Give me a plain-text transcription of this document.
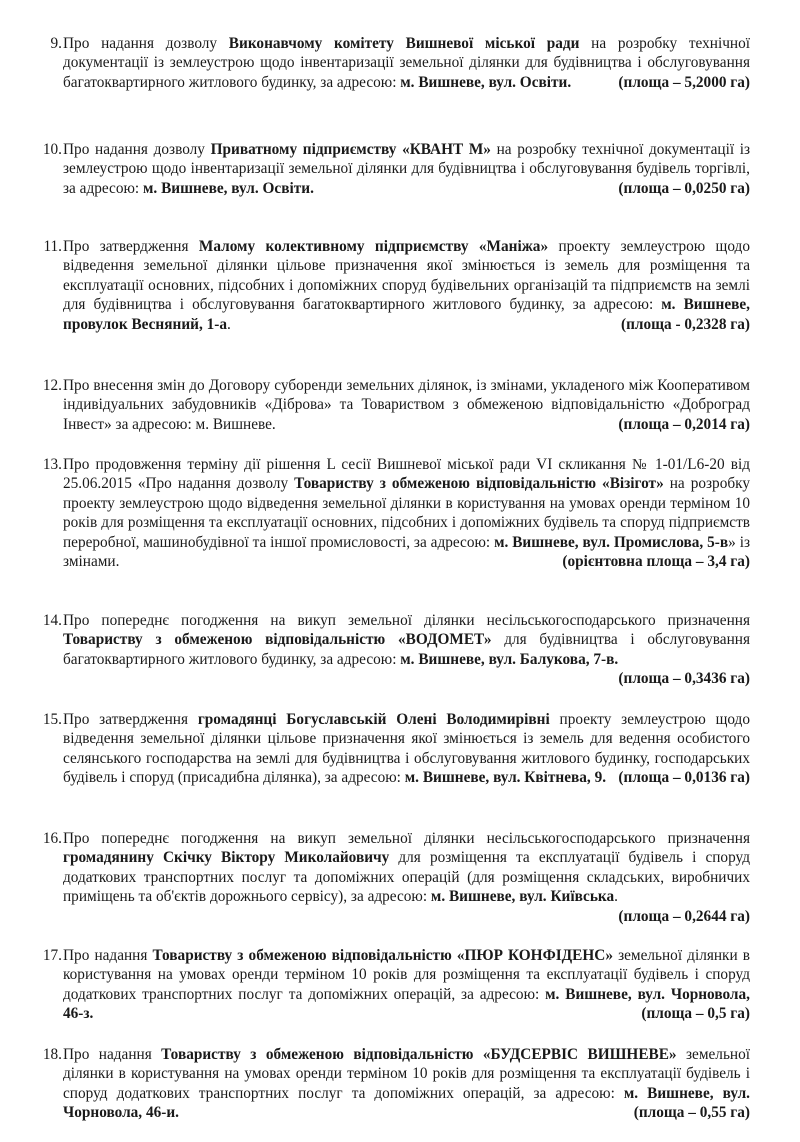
9. Про надання дозволу Виконавчому комітету Вишневої міської ради на розробку технічної документації із землеустрою щодо інвентаризації земельної ділянки для будівництва і обслуговування багатоквартирного житлового будинку, за адресою: м. Вишневе, вул. Освіти.	(площа – 5,2000 га)
10. Про надання дозволу Приватному підприємству «КВАНТ М» на розробку технічної документації із землеустрою щодо інвентаризації земельної ділянки для будівництва і обслуговування будівель торгівлі, за адресою: м. Вишневе, вул. Освіти.	(площа – 0,0250 га)
11. Про затвердження Малому колективному підприємству «Маніжа» проекту землеустрою щодо відведення земельної ділянки цільове призначення якої змінюється із земель для розміщення та експлуатації основних, підсобних і допоміжних споруд будівельних організацій та підприємств на землі для будівництва і обслуговування багатоквартирного житлового будинку, за адресою: м. Вишневе, провулок Весняний, 1-а.	(площа - 0,2328 га)
12. Про внесення змін до Договору суборенди земельних ділянок, із змінами, укладеного між Кооперативом індивідуальних забудовників «Діброва» та Товариством з обмеженою відповідальністю «Доброград Інвест» за адресою: м. Вишневе.	(площа – 0,2014 га)
13. Про продовження терміну дії рішення L сесії Вишневої міської ради VI скликання № 1-01/L6-20 від 25.06.2015 «Про надання дозволу Товариству з обмеженою відповідальністю «Візігот» на розробку проекту землеустрою щодо відведення земельної ділянки в користування на умовах оренди терміном 10 років для розміщення та експлуатації основних, підсобних і допоміжних будівель та споруд підприємств переробної, машинобудівної та іншої промисловості, за адресою: м. Вишневе, вул. Промислова, 5-в» із змінами.	(орієнтовна площа – 3,4 га)
14. Про попереднє погодження на викуп земельної ділянки несільськогосподарського призначення Товариству з обмеженою відповідальністю «ВОДОМЕТ» для будівництва і обслуговування багатоквартирного житлового будинку, за адресою: м. Вишневе, вул. Балукова, 7-в.
(площа – 0,3436 га)
15. Про затвердження громадянці Богуславській Олені Володимирівні проекту землеустрою щодо відведення земельної ділянки цільове призначення якої змінюється із земель для ведення особистого селянського господарства на землі для будівництва і обслуговування житлового будинку, господарських будівель і споруд (присадибна ділянка), за адресою: м. Вишневе, вул. Квітнева, 9. (площа – 0,0136 га)
16. Про попереднє погодження на викуп земельної ділянки несільськогосподарського призначення громадянину Скічку Віктору Миколайовичу для розміщення та експлуатації будівель і споруд додаткових транспортних послуг та допоміжних операцій (для розміщення складських, виробничих приміщень та об'єктів дорожнього сервісу), за адресою: м. Вишневе, вул. Київська.
(площа – 0,2644 га)
17. Про надання Товариству з обмеженою відповідальністю «ПЮР КОНФІДЕНС» земельної ділянки в користування на умовах оренди терміном 10 років для розміщення та експлуатації будівель і споруд додаткових транспортних послуг та допоміжних операцій, за адресою: м. Вишневе, вул. Чорновола, 46-з.	(площа – 0,5 га)
18. Про надання Товариству з обмеженою відповідальністю «БУДСЕРВІС ВИШНЕВЕ» земельної ділянки в користування на умовах оренди терміном 10 років для розміщення та експлуатації будівель і споруд додаткових транспортних послуг та допоміжних операцій, за адресою: м. Вишневе, вул. Чорновола, 46-и.	(площа – 0,55 га)
